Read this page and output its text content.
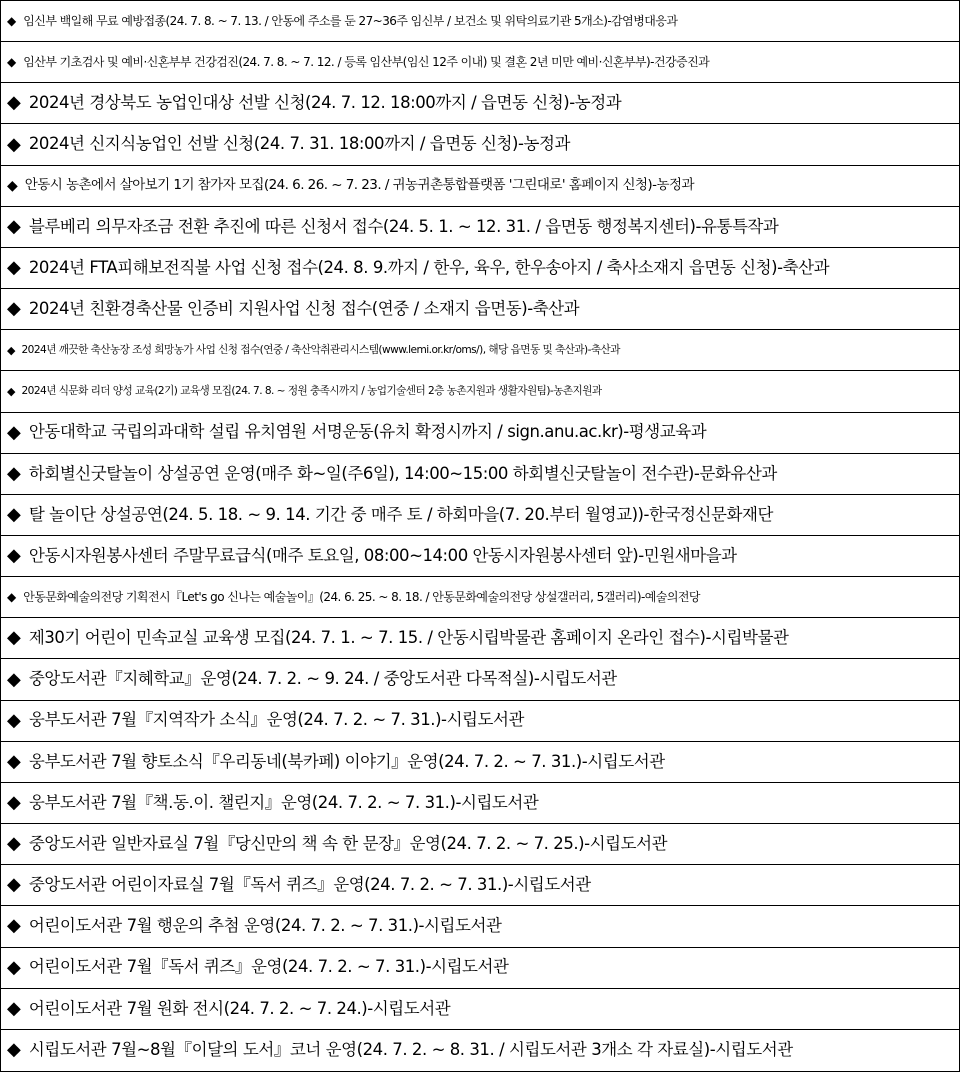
◆ 임신부 백일해 무료 예방접종(24. 7. 8. ~ 7. 13. / 안동에 주소를 둔 27~36주 임신부 / 보건소 및 위탁의료기관 5개소)-감염병대응과
◆ 임산부 기초검사 및 예비·신혼부부 건강검진(24. 7. 8. ~ 7. 12. / 등록 임산부(임신 12주 이내) 및 결혼 2년 미만 예비·신혼부부)-건강증진과
◆ 2024년 경상북도 농업인대상 선발 신청(24. 7. 12. 18:00까지 / 읍면동 신청)-농정과
◆ 2024년 신지식농업인 선발 신청(24. 7. 31. 18:00까지 / 읍면동 신청)-농정과
◆ 안동시 농촌에서 살아보기 1기 참가자 모집(24. 6. 26. ~ 7. 23. / 귀농귀촌통합플랫폼 '그린대로' 홈페이지 신청)-농정과
◆ 블루베리 의무자조금 전환 추진에 따른 신청서 접수(24. 5. 1. ~ 12. 31. / 읍면동 행정복지센터)-유통특작과
◆ 2024년 FTA피해보전직불 사업 신청 접수(24. 8. 9.까지 / 한우, 육우, 한우송아지 / 축사소재지 읍면동 신청)-축산과
◆ 2024년 친환경축산물 인증비 지원사업 신청 접수(연중 / 소재지 읍면동)-축산과
◆ 2024년 깨끗한 축산농장 조성 희망농가 사업 신청 접수(연중 / 축산악취관리시스템(www.lemi.or.kr/oms/), 해당 읍면동 및 축산과)-축산과
◆ 2024년 식문화 리더 양성 교육(2기) 교육생 모집(24. 7. 8. ~ 정원 충족시까지 / 농업기술센터 2층 농촌지원과 생활자원팀)-농촌지원과
◆ 안동대학교 국립의과대학 설립 유치염원 서명운동(유치 확정시까지 / sign.anu.ac.kr)-평생교육과
◆ 하회별신굿탈놀이 상설공연 운영(매주 화~일(주6일), 14:00~15:00 하회별신굿탈놀이 전수관)-문화유산과
◆ 탈 놀이단 상설공연(24. 5. 18. ~ 9. 14. 기간 중 매주 토 / 하회마을(7. 20.부터 월영교))-한국정신문화재단
◆ 안동시자원봉사센터 주말무료급식(매주 토요일, 08:00~14:00 안동시자원봉사센터 앞)-민원새마을과
◆ 안동문화예술의전당 기획전시『Let's go 신나는 예술놀이』(24. 6. 25. ~ 8. 18. / 안동문화예술의전당 상설갤러리, 5갤러리)-예술의전당
◆ 제30기 어린이 민속교실 교육생 모집(24. 7. 1. ~ 7. 15. / 안동시립박물관 홈페이지 온라인 접수)-시립박물관
◆ 중앙도서관『지혜학교』운영(24. 7. 2. ~ 9. 24. / 중앙도서관 다목적실)-시립도서관
◆ 웅부도서관 7월『지역작가 소식』운영(24. 7. 2. ~ 7. 31.)-시립도서관
◆ 웅부도서관 7월 향토소식『우리동네(북카페) 이야기』운영(24. 7. 2. ~ 7. 31.)-시립도서관
◆ 웅부도서관 7월『책.동.이. 챌린지』운영(24. 7. 2. ~ 7. 31.)-시립도서관
◆ 중앙도서관 일반자료실 7월『당신만의 책 속 한 문장』운영(24. 7. 2. ~ 7. 25.)-시립도서관
◆ 중앙도서관 어린이자료실 7월『독서 퀴즈』운영(24. 7. 2. ~ 7. 31.)-시립도서관
◆ 어린이도서관 7월 행운의 추첨 운영(24. 7. 2. ~ 7. 31.)-시립도서관
◆ 어린이도서관 7월『독서 퀴즈』운영(24. 7. 2. ~ 7. 31.)-시립도서관
◆ 어린이도서관 7월 원화 전시(24. 7. 2. ~ 7. 24.)-시립도서관
◆ 시립도서관 7월~8월『이달의 도서』코너 운영(24. 7. 2. ~ 8. 31. / 시립도서관 3개소 각 자료실)-시립도서관
